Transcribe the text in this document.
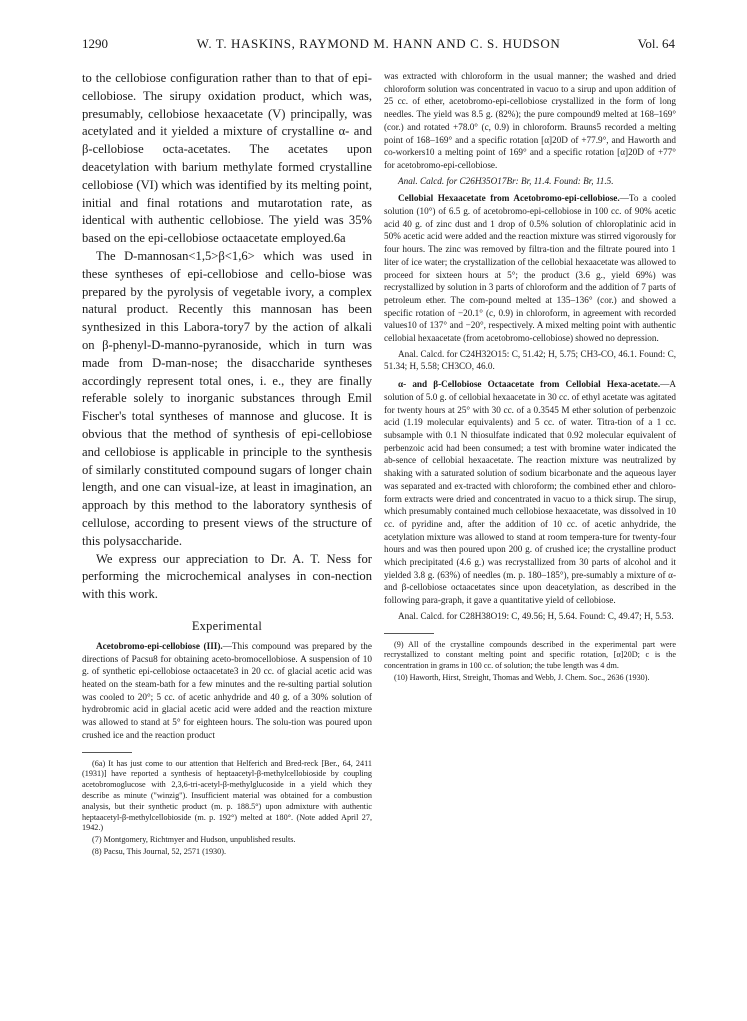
1290	W. T. HASKINS, RAYMOND M. HANN AND C. S. HUDSON	Vol. 64

to the cellobiose configuration rather than to that of epi-cellobiose. The sirupy oxidation product, which was, presumably, cellobiose hexaacetate (V) principally, was acetylated and it yielded a mixture of crystalline α- and β-cellobiose octa-acetates. The acetates upon deacetylation with barium methylate formed crystalline cellobiose (VI) which was identified by its melting point, initial and final rotations and mutarotation rate, as identical with authentic cellobiose. The yield was 35% based on the epi-cellobiose octaacetate employed.6a

The D-mannosan<1,5>β<1,6> which was used in these syntheses of epi-cellobiose and cello-biose was prepared by the pyrolysis of vegetable ivory, a complex natural product. Recently this mannosan has been synthesized in this Labora-tory7 by the action of alkali on β-phenyl-D-manno-pyranoside, which in turn was made from D-man-nose; the disaccharide syntheses accordingly represent total ones, i. e., they are finally referable solely to inorganic substances through Emil Fischer's total syntheses of mannose and glucose. It is obvious that the method of synthesis of epi-cellobiose and cellobiose is applicable in principle to the synthesis of similarly constituted compound sugars of longer chain length, and one can visual-ize, at least in imagination, an approach by this method to the laboratory synthesis of cellulose, according to present views of the structure of this polysaccharide.

We express our appreciation to Dr. A. T. Ness for performing the microchemical analyses in con-nection with this work.

Experimental

Acetobromo-epi-cellobiose (III).—This compound was prepared by the directions of Pacsu8 for obtaining aceto-bromocellobiose. A suspension of 10 g. of synthetic epi-cellobiose octaacetate3 in 20 cc. of glacial acetic acid was heated on the steam-bath for a few minutes and the re-sulting partial solution was cooled to 20°; 5 cc. of acetic anhydride and 40 g. of a 30% solution of hydrobromic acid in glacial acetic acid were added and the reaction mixture was allowed to stand at 5° for eighteen hours. The solu-tion was poured upon crushed ice and the reaction product

(6a) It has just come to our attention that Helferich and Bred-reck [Ber., 64, 2411 (1931)] have reported a synthesis of heptaacetyl-β-methylcellobioside by coupling acetobromoglucose with 2,3,6-tri-acetyl-β-methylglucoside in a yield which they describe as minute ("winzig"). Insufficient material was obtained for a combustion analysis, but their synthetic product (m. p. 188.5°) upon admixture with authentic heptaacetyl-β-methylcellobioside (m. p. 192°) melted at 180°. (Note added April 27, 1942.)

(7) Montgomery, Richtmyer and Hudson, unpublished results.

(8) Pacsu, This Journal, 52, 2571 (1930).

was extracted with chloroform in the usual manner; the washed and dried chloroform solution was concentrated in vacuo to a sirup and upon addition of 25 cc. of ether, acetobromo-epi-cellobiose crystallized in the form of long needles. The yield was 8.5 g. (82%); the pure compound9 melted at 168–169° (cor.) and rotated +78.0° (c, 0.9) in chloroform. Brauns5 recorded a melting point of 168–169° and a specific rotation [α]20D of +77.9°, and Haworth and co-workers10 a melting point of 169° and a specific rotation [α]20D of +77° for acetobromo-epi-cellobiose.

Anal. Calcd. for C26H35O17Br: Br, 11.4. Found: Br, 11.5.

Cellobial Hexaacetate from Acetobromo-epi-cellobiose.—To a cooled solution (10°) of 6.5 g. of acetobromo-epi-cellobiose in 100 cc. of 90% acetic acid 40 g. of zinc dust and 1 drop of 0.5% solution of chloroplatinic acid in 50% acetic acid were added and the reaction mixture was stirred vigorously for four hours. The zinc was removed by filtra-tion and the filtrate poured into 1 liter of ice water; the crystallization of the cellobial hexaacetate was allowed to proceed for sixteen hours at 5°; the product (3.6 g., yield 69%) was recrystallized by solution in 3 parts of chloroform and the addition of 7 parts of petroleum ether. The com-pound melted at 135–136° (cor.) and showed a specific rotation of −20.1° (c, 0.9) in chloroform, in agreement with recorded values10 of 137° and −20°, respectively. A mixed melting point with authentic cellobial hexaacetate (from acetobromo-cellobiose) showed no depression.

Anal. Calcd. for C24H32O15: C, 51.42; H, 5.75; CH3-CO, 46.1. Found: C, 51.34; H, 5.58; CH3CO, 46.0.

α- and β-Cellobiose Octaacetate from Cellobial Hexa-acetate.—A solution of 5.0 g. of cellobial hexaacetate in 30 cc. of ethyl acetate was agitated for twenty hours at 25° with 30 cc. of a 0.3545 M ether solution of perbenzoic acid (1.19 molecular equivalents) and 5 cc. of water. Titra-tion of a 1 cc. subsample with 0.1 N thiosulfate indicated that 0.92 molecular equivalent of perbenzoic acid had been consumed; a test with bromine water indicated the ab-sence of cellobial hexaacetate. The reaction mixture was neutralized by shaking with a saturated solution of sodium bicarbonate and the aqueous layer was separated and ex-tracted with chloroform; the combined ether and chloro-form extracts were dried and concentrated in vacuo to a thick sirup. The sirup, which presumably contained much cellobiose hexaacetate, was dissolved in 10 cc. of pyridine and, after the addition of 10 cc. of acetic anhydride, the acetylation mixture was allowed to stand at room tempera-ture for twenty-four hours and was then poured upon 200 g. of crushed ice; the crystalline product which precipitated (4.6 g.) was recrystallized from 30 parts of alcohol and it yielded 3.8 g. (63%) of needles (m. p. 180–185°), pre-sumably a mixture of α- and β-cellobiose octaacetates since upon deacetylation, as described in the following para-graph, it gave a quantitative yield of cellobiose.

Anal. Calcd. for C28H38O19: C, 49.56; H, 5.64. Found: C, 49.47; H, 5.53.

(9) All of the crystalline compounds described in the experimental part were recrystallized to constant melting point and specific rotation, [α]20D; c is the concentration in grams in 100 cc. of solution; the tube length was 4 dm.

(10) Haworth, Hirst, Streight, Thomas and Webb, J. Chem. Soc., 2636 (1930).
